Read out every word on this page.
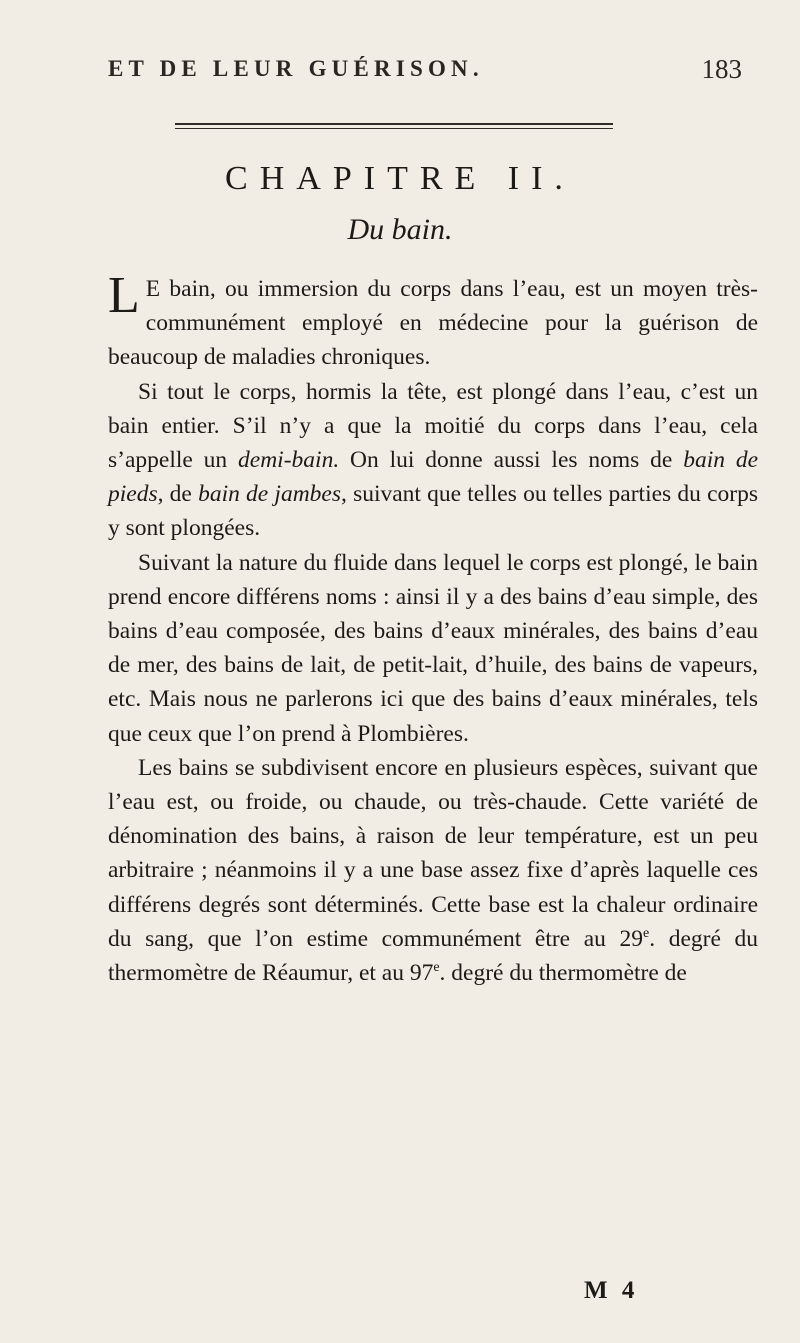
ET DE LEUR GUÉRISON.	183
CHAPITRE II.
Du bain.

L E bain, ou immersion du corps dans l’eau, est un moyen très-communément employé en médecine pour la guérison de beaucoup de maladies chroniques.

Si tout le corps, hormis la tête, est plongé dans l’eau, c’est un bain entier. S’il n’y a que la moitié du corps dans l’eau, cela s’appelle un demi-bain. On lui donne aussi les noms de bain de pieds, de bain de jambes, suivant que telles ou telles parties du corps y sont plongées.

Suivant la nature du fluide dans lequel le corps est plongé, le bain prend encore différens noms : ainsi il y a des bains d’eau simple, des bains d’eau composée, des bains d’eaux minérales, des bains d’eau de mer, des bains de lait, de petit-lait, d’huile, des bains de vapeurs, etc. Mais nous ne parlerons ici que des bains d’eaux minérales, tels que ceux que l’on prend à Plombières.

Les bains se subdivisent encore en plusieurs espèces, suivant que l’eau est, ou froide, ou chaude, ou très-chaude. Cette variété de dénomination des bains, à raison de leur température, est un peu arbitraire ; néanmoins il y a une base assez fixe d’après laquelle ces différens degrés sont déterminés. Cette base est la chaleur ordinaire du sang, que l’on estime communément être au 29e. degré du thermomètre de Réaumur, et au 97e. degré du thermomètre de

M 4
